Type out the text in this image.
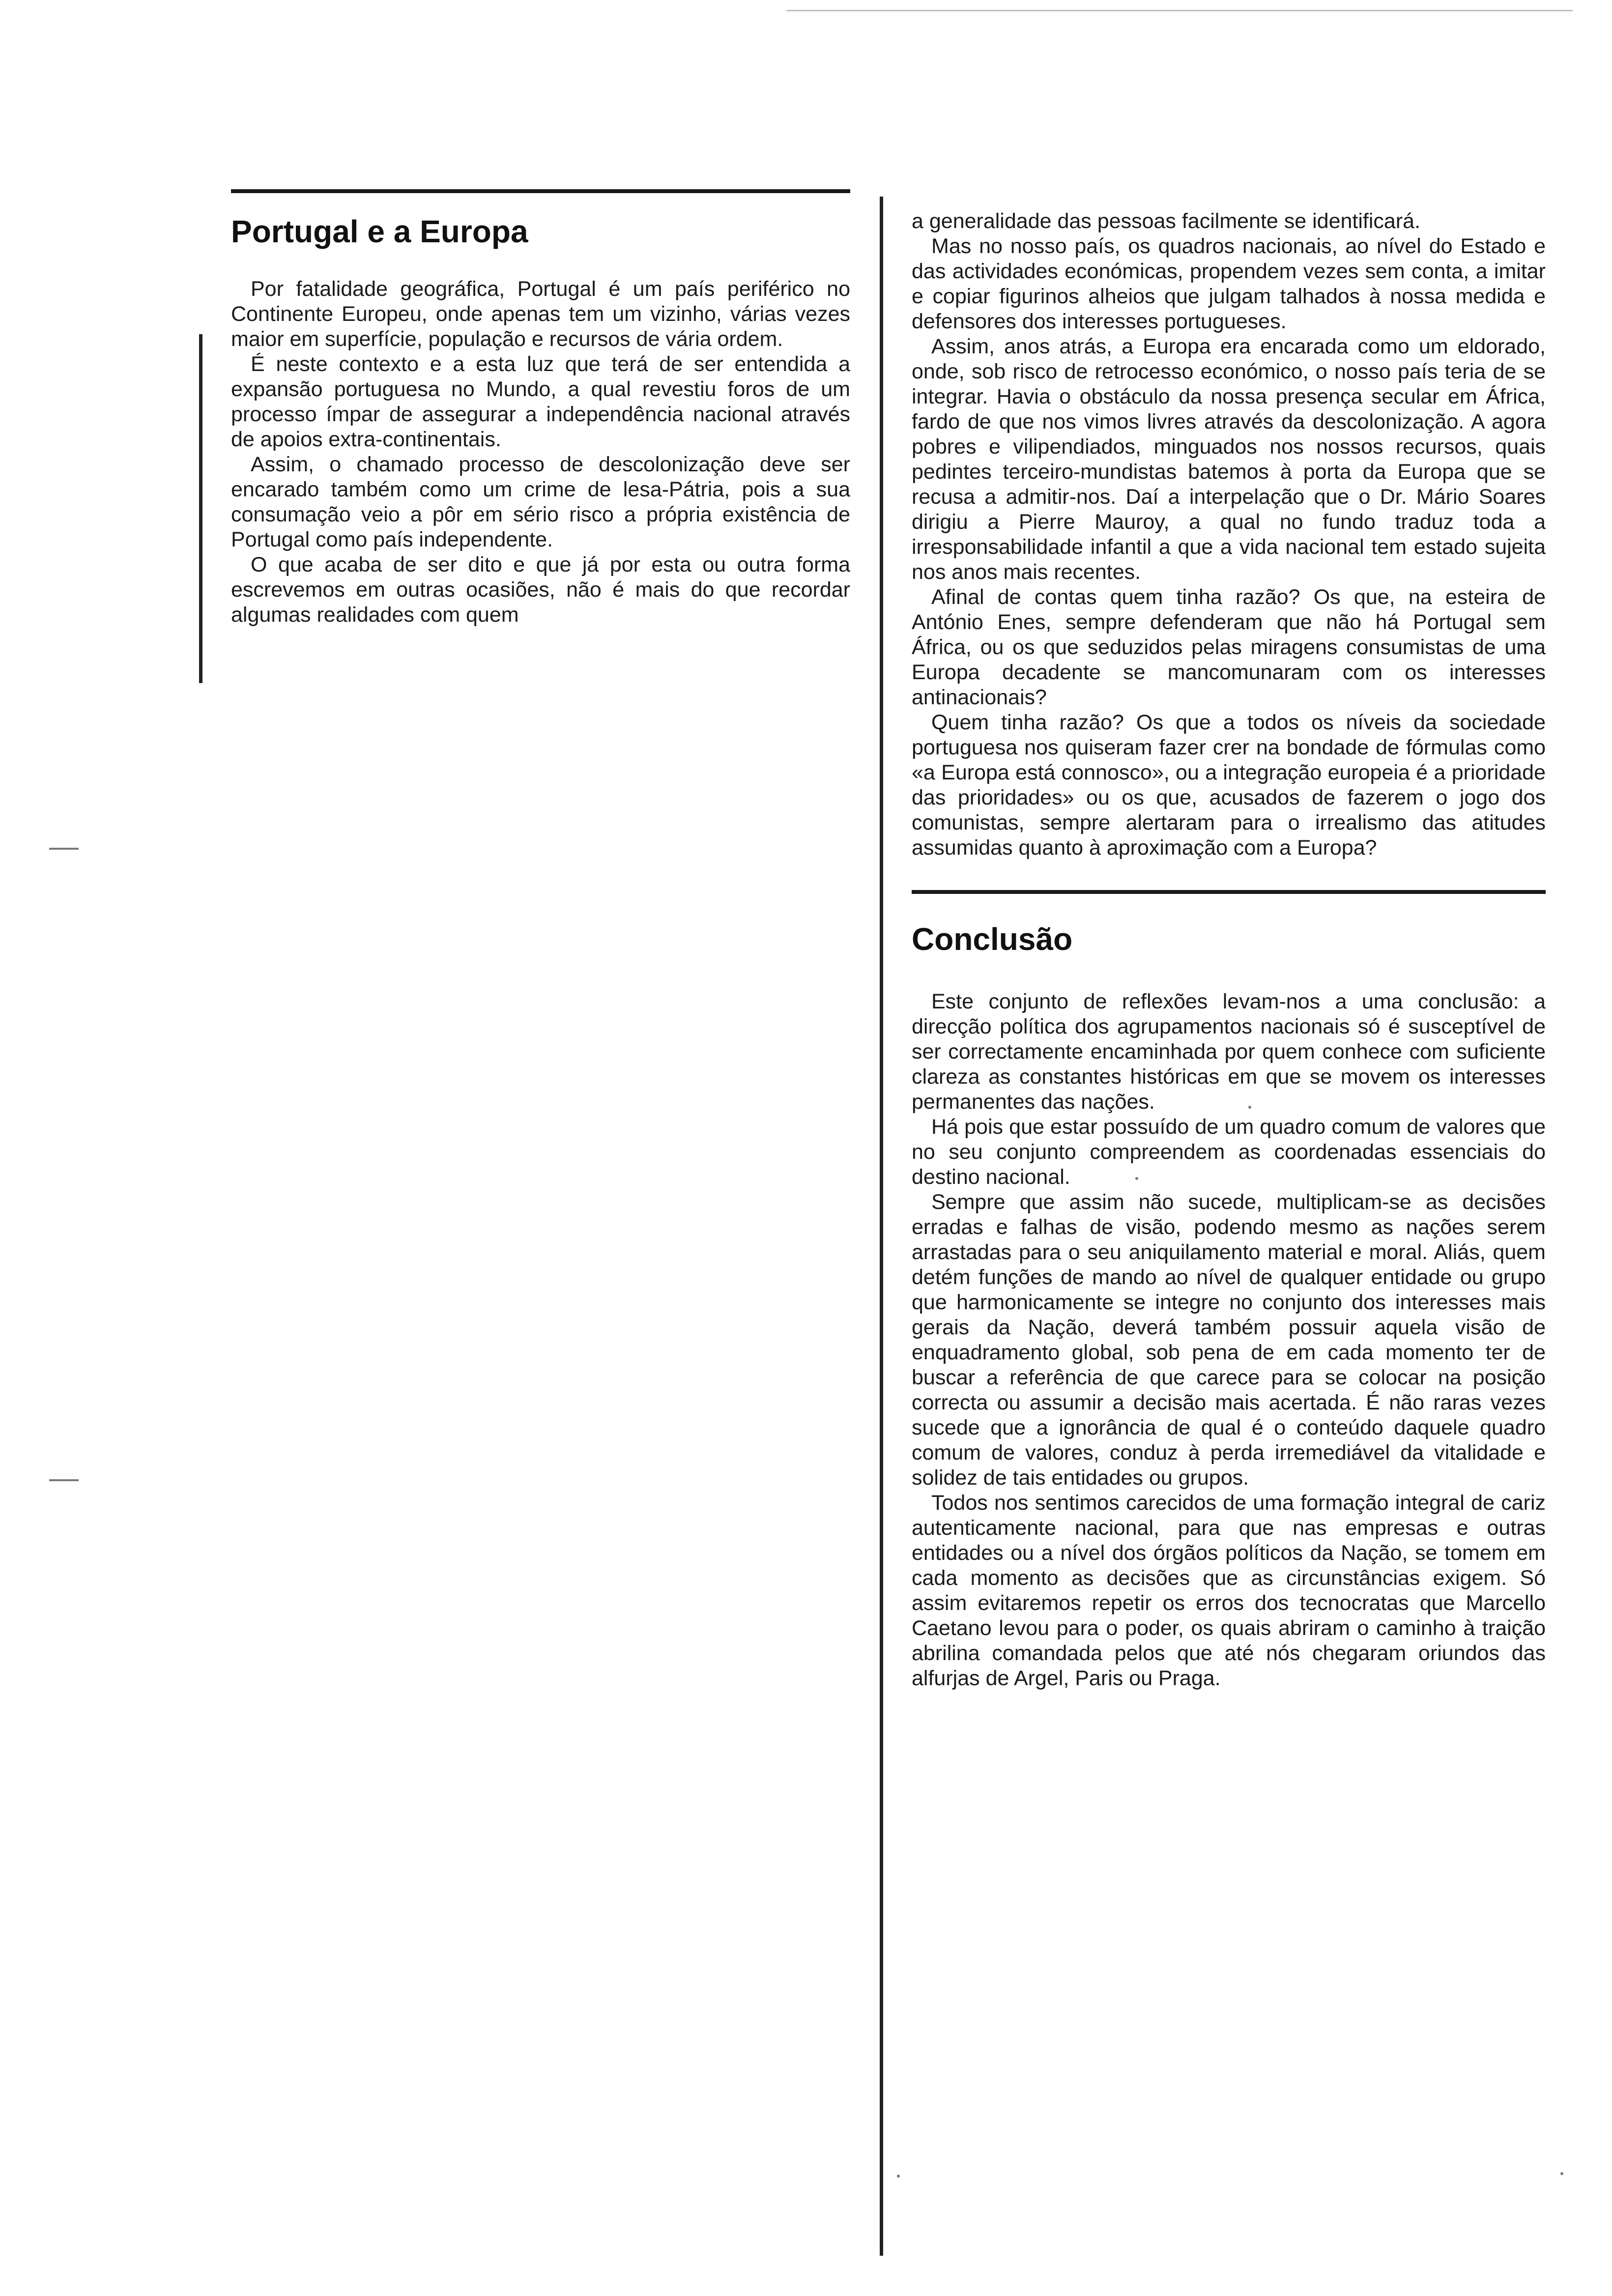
Portugal e a Europa

Por fatalidade geográfica, Portugal é um país periférico no Continente Europeu, onde apenas tem um vizinho, várias vezes maior em superfície, população e recursos de vária ordem.

É neste contexto e a esta luz que terá de ser entendida a expansão portuguesa no Mundo, a qual revestiu foros de um processo ímpar de assegurar a independência nacional através de apoios extra-continentais.

Assim, o chamado processo de descolonização deve ser encarado também como um crime de lesa-Pátria, pois a sua consumação veio a pôr em sério risco a própria existência de Portugal como país independente.

O que acaba de ser dito e que já por esta ou outra forma escrevemos em outras ocasiões, não é mais do que recordar algumas realidades com quem

a generalidade das pessoas facilmente se identificará.

Mas no nosso país, os quadros nacionais, ao nível do Estado e das actividades económicas, propendem vezes sem conta, a imitar e copiar figurinos alheios que julgam talhados à nossa medida e defensores dos interesses portugueses.

Assim, anos atrás, a Europa era encarada como um eldorado, onde, sob risco de retrocesso económico, o nosso país teria de se integrar. Havia o obstáculo da nossa presença secular em África, fardo de que nos vimos livres através da descolonização. A agora pobres e vilipendiados, minguados nos nossos recursos, quais pedintes terceiro-mundistas batemos à porta da Europa que se recusa a admitir-nos. Daí a interpelação que o Dr. Mário Soares dirigiu a Pierre Mauroy, a qual no fundo traduz toda a irresponsabilidade infantil a que a vida nacional tem estado sujeita nos anos mais recentes.

Afinal de contas quem tinha razão? Os que, na esteira de António Enes, sempre defenderam que não há Portugal sem África, ou os que seduzidos pelas miragens consumistas de uma Europa decadente se mancomunaram com os interesses antinacionais?

Quem tinha razão? Os que a todos os níveis da sociedade portuguesa nos quiseram fazer crer na bondade de fórmulas como «a Europa está connosco», ou a integração europeia é a prioridade das prioridades» ou os que, acusados de fazerem o jogo dos comunistas, sempre alertaram para o irrealismo das atitudes assumidas quanto à aproximação com a Europa?

Conclusão

Este conjunto de reflexões levam-nos a uma conclusão: a direcção política dos agrupamentos nacionais só é susceptível de ser correctamente encaminhada por quem conhece com suficiente clareza as constantes históricas em que se movem os interesses permanentes das nações.

Há pois que estar possuído de um quadro comum de valores que no seu conjunto compreendem as coordenadas essenciais do destino nacional.

Sempre que assim não sucede, multiplicam-se as decisões erradas e falhas de visão, podendo mesmo as nações serem arrastadas para o seu aniquilamento material e moral. Aliás, quem detém funções de mando ao nível de qualquer entidade ou grupo que harmonicamente se integre no conjunto dos interesses mais gerais da Nação, deverá também possuir aquela visão de enquadramento global, sob pena de em cada momento ter de buscar a referência de que carece para se colocar na posição correcta ou assumir a decisão mais acertada. É não raras vezes sucede que a ignorância de qual é o conteúdo daquele quadro comum de valores, conduz à perda irremediável da vitalidade e solidez de tais entidades ou grupos.

Todos nos sentimos carecidos de uma formação integral de cariz autenticamente nacional, para que nas empresas e outras entidades ou a nível dos órgãos políticos da Nação, se tomem em cada momento as decisões que as circunstâncias exigem. Só assim evitaremos repetir os erros dos tecnocratas que Marcello Caetano levou para o poder, os quais abriram o caminho à traição abrilina comandada pelos que até nós chegaram oriundos das alfurjas de Argel, Paris ou Praga.
